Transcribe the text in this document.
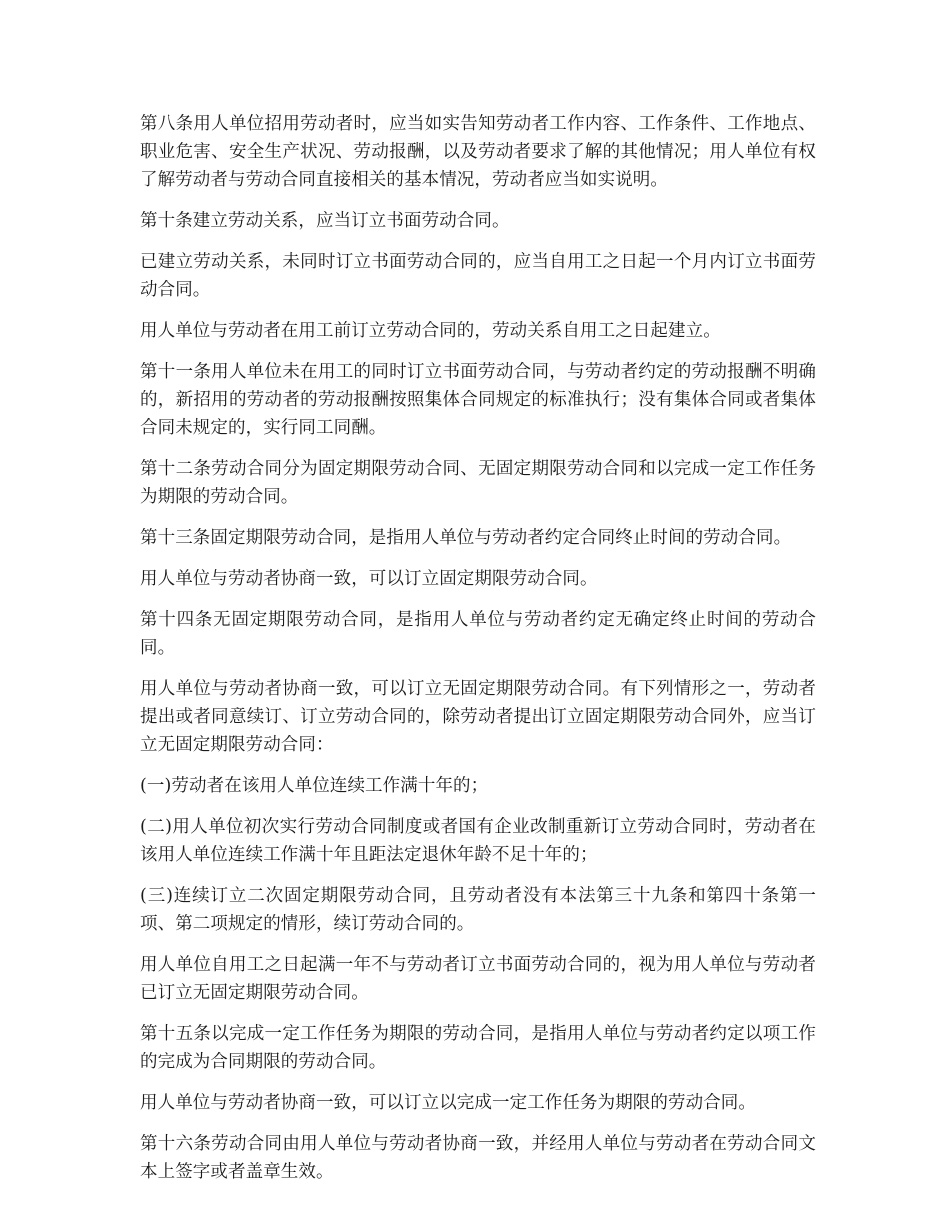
第八条用人单位招用劳动者时，应当如实告知劳动者工作内容、工作条件、工作地点、职业危害、安全生产状况、劳动报酬，以及劳动者要求了解的其他情况；用人单位有权了解劳动者与劳动合同直接相关的基本情况，劳动者应当如实说明。

第十条建立劳动关系，应当订立书面劳动合同。

已建立劳动关系，未同时订立书面劳动合同的，应当自用工之日起一个月内订立书面劳动合同。

用人单位与劳动者在用工前订立劳动合同的，劳动关系自用工之日起建立。

第十一条用人单位未在用工的同时订立书面劳动合同，与劳动者约定的劳动报酬不明确的，新招用的劳动者的劳动报酬按照集体合同规定的标准执行；没有集体合同或者集体合同未规定的，实行同工同酬。

第十二条劳动合同分为固定期限劳动合同、无固定期限劳动合同和以完成一定工作任务为期限的劳动合同。

第十三条固定期限劳动合同，是指用人单位与劳动者约定合同终止时间的劳动合同。

用人单位与劳动者协商一致，可以订立固定期限劳动合同。

第十四条无固定期限劳动合同，是指用人单位与劳动者约定无确定终止时间的劳动合同。

用人单位与劳动者协商一致，可以订立无固定期限劳动合同。有下列情形之一，劳动者提出或者同意续订、订立劳动合同的，除劳动者提出订立固定期限劳动合同外，应当订立无固定期限劳动合同：

(一)劳动者在该用人单位连续工作满十年的；

(二)用人单位初次实行劳动合同制度或者国有企业改制重新订立劳动合同时，劳动者在该用人单位连续工作满十年且距法定退休年龄不足十年的；

(三)连续订立二次固定期限劳动合同，且劳动者没有本法第三十九条和第四十条第一项、第二项规定的情形，续订劳动合同的。

用人单位自用工之日起满一年不与劳动者订立书面劳动合同的，视为用人单位与劳动者已订立无固定期限劳动合同。

第十五条以完成一定工作任务为期限的劳动合同，是指用人单位与劳动者约定以项工作的完成为合同期限的劳动合同。

用人单位与劳动者协商一致，可以订立以完成一定工作任务为期限的劳动合同。

第十六条劳动合同由用人单位与劳动者协商一致，并经用人单位与劳动者在劳动合同文本上签字或者盖章生效。
